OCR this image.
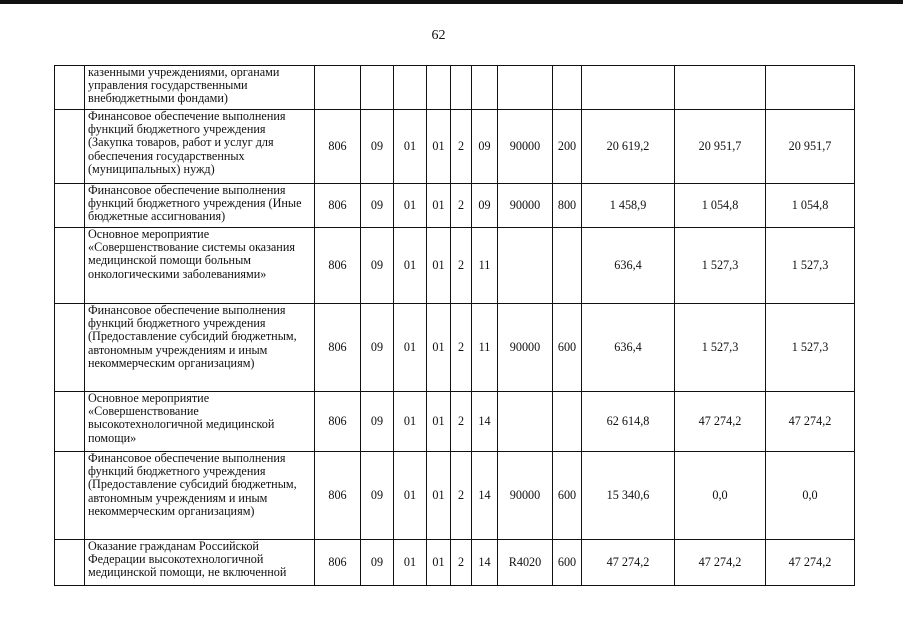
62
	казенными учреждениями, органами управления государственными внебюджетными фондами)											
	Финансовое обеспечение выполнения функций бюджетного учреждения (Закупка товаров, работ и услуг для обеспечения государственных (муниципальных) нужд)	806	09	01	01	2	09	90000	200	20 619,2	20 951,7	20 951,7
	Финансовое обеспечение выполнения функций бюджетного учреждения (Иные бюджетные ассигнования)	806	09	01	01	2	09	90000	800	1 458,9	1 054,8	1 054,8
	Основное мероприятие «Совершенствование системы оказания медицинской помощи больным онкологическими заболеваниями»	806	09	01	01	2	11			636,4	1 527,3	1 527,3
	Финансовое обеспечение выполнения функций бюджетного учреждения (Предоставление субсидий бюджетным, автономным учреждениям и иным некоммерческим организациям)	806	09	01	01	2	11	90000	600	636,4	1 527,3	1 527,3
	Основное мероприятие «Совершенствование высокотехнологичной медицинской помощи»	806	09	01	01	2	14			62 614,8	47 274,2	47 274,2
	Финансовое обеспечение выполнения функций бюджетного учреждения (Предоставление субсидий бюджетным, автономным учреждениям и иным некоммерческим организациям)	806	09	01	01	2	14	90000	600	15 340,6	0,0	0,0
	Оказание гражданам Российской Федерации высокотехнологичной медицинской помощи, не включенной	806	09	01	01	2	14	R4020	600	47 274,2	47 274,2	47 274,2
